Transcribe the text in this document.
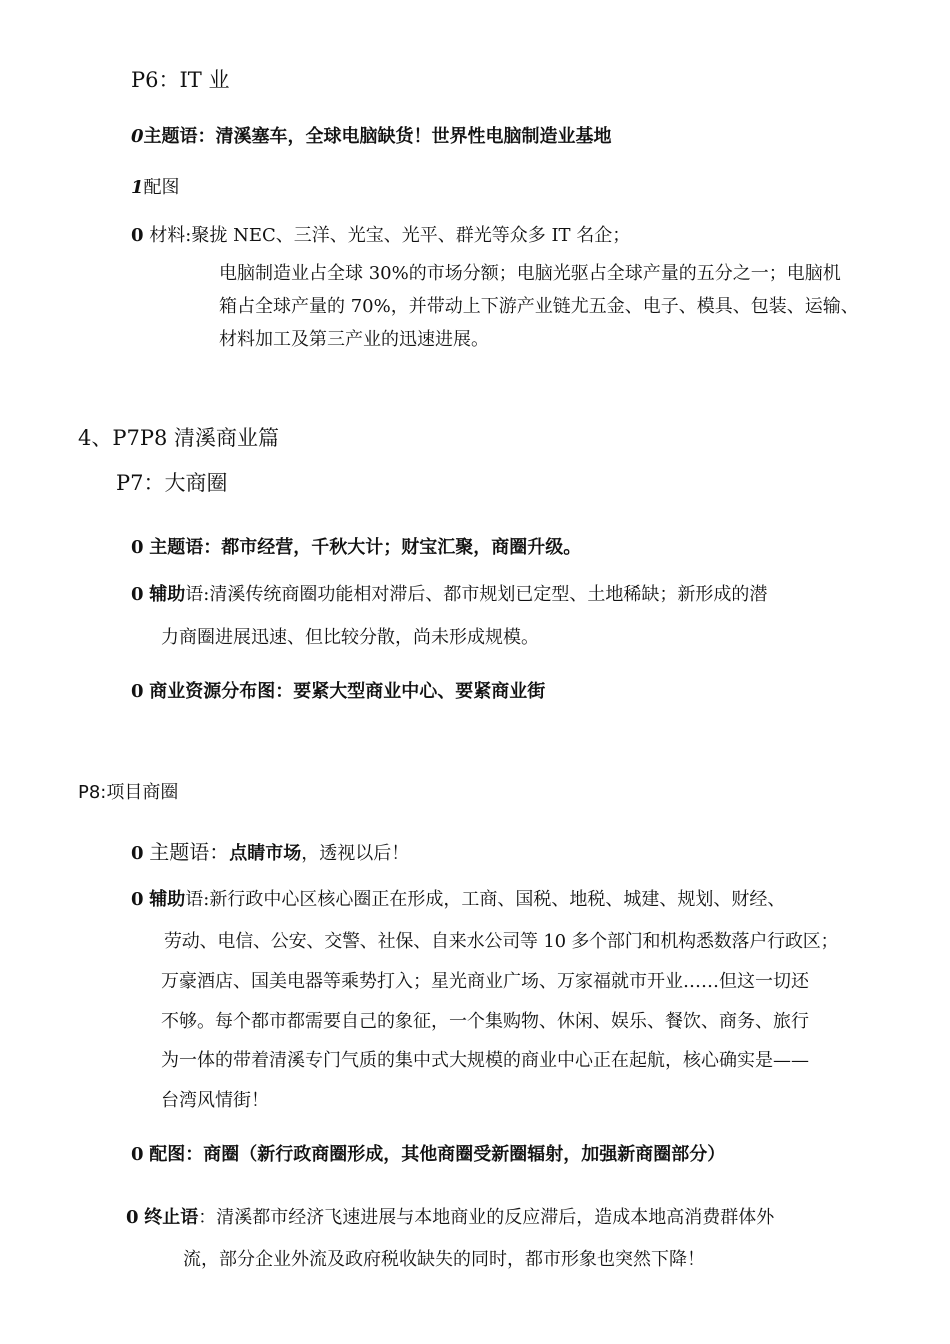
P6：IT 业
0主题语：清溪塞车，全球电脑缺货！世界性电脑制造业基地
1配图
0 材料:聚拢 NEC、三洋、光宝、光平、群光等众多 IT 名企；
电脑制造业占全球 30%的市场分额；电脑光驱占全球产量的五分之一；电脑机
箱占全球产量的 70%，并带动上下游产业链尤五金、电子、模具、包装、运输、
材料加工及第三产业的迅速进展。
4、P7P8 清溪商业篇
P7：大商圈
0 主题语：都市经营，千秋大计；财宝汇聚，商圈升级。
0 辅助语:清溪传统商圈功能相对滞后、都市规划已定型、土地稀缺；新形成的潜
力商圈进展迅速、但比较分散，尚未形成规模。
0 商业资源分布图：要紧大型商业中心、要紧商业街
P8:项目商圈
0 主题语：点睛市场，透视以后！
0 辅助语:新行政中心区核心圈正在形成，工商、国税、地税、城建、规划、财经、
劳动、电信、公安、交警、社保、自来水公司等 10 多个部门和机构悉数落户行政区；
万豪酒店、国美电器等乘势打入；星光商业广场、万家福就市开业……但这一切还
不够。每个都市都需要自己的象征，一个集购物、休闲、娱乐、餐饮、商务、旅行
为一体的带着清溪专门气质的集中式大规模的商业中心正在起航，核心确实是——
台湾风情街！
0 配图：商圈（新行政商圈形成，其他商圈受新圈辐射，加强新商圈部分）
0 终止语：清溪都市经济飞速进展与本地商业的反应滞后，造成本地高消费群体外
流，部分企业外流及政府税收缺失的同时，都市形象也突然下降！
